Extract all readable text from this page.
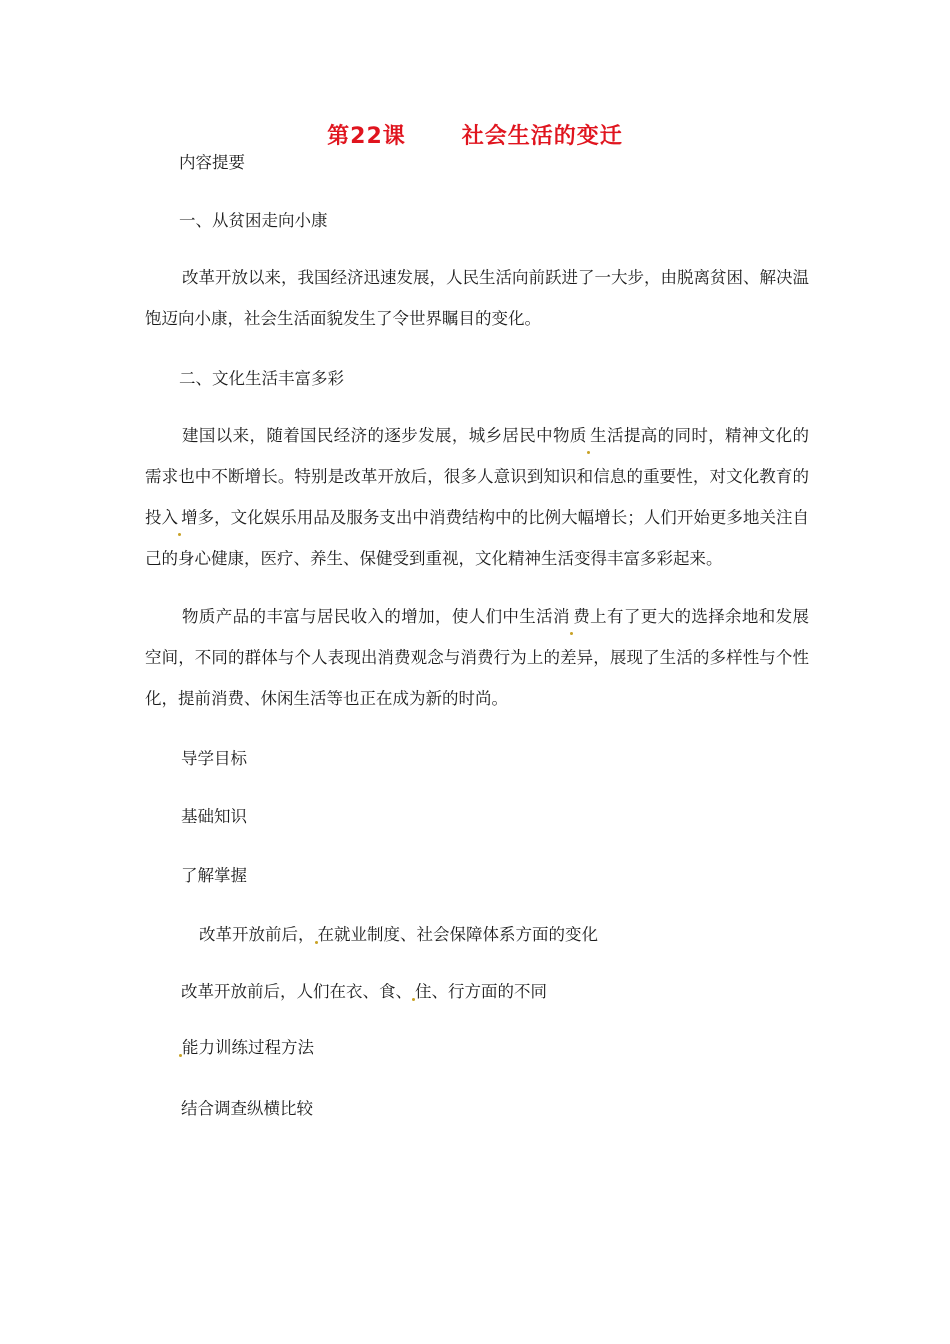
第22课	社会生活的变迁
内容提要
一、从贫困走向小康
改革开放以来，我国经济迅速发展，人民生活向前跃进了一大步，由脱离贫困、解决温饱迈向小康，社会生活面貌发生了令世界瞩目的变化。
二、文化生活丰富多彩
建国以来，随着国民经济的逐步发展，城乡居民中物质 生活提高的同时，精神文化的需求也中不断增长。特别是改革开放后，很多人意识到知识和信息的重要性，对文化教育的投入 增多，文化娱乐用品及服务支出中消费结构中的比例大幅增长；人们开始更多地关注自己的身心健康，医疗、养生、保健受到重视，文化精神生活变得丰富多彩起来。
物质产品的丰富与居民收入的增加，使人们中生活消 费上有了更大的选择余地和发展空间，不同的群体与个人表现出消费观念与消费行为上的差异，展现了生活的多样性与个性化，提前消费、休闲生活等也正在成为新的时尚。
导学目标
基础知识
了解掌握
改革开放前后， 在就业制度、社会保障体系方面的变化
改革开放前后，人们在衣、食、 住、行方面的不同
能力训练过程方法
结合调查纵横比较
